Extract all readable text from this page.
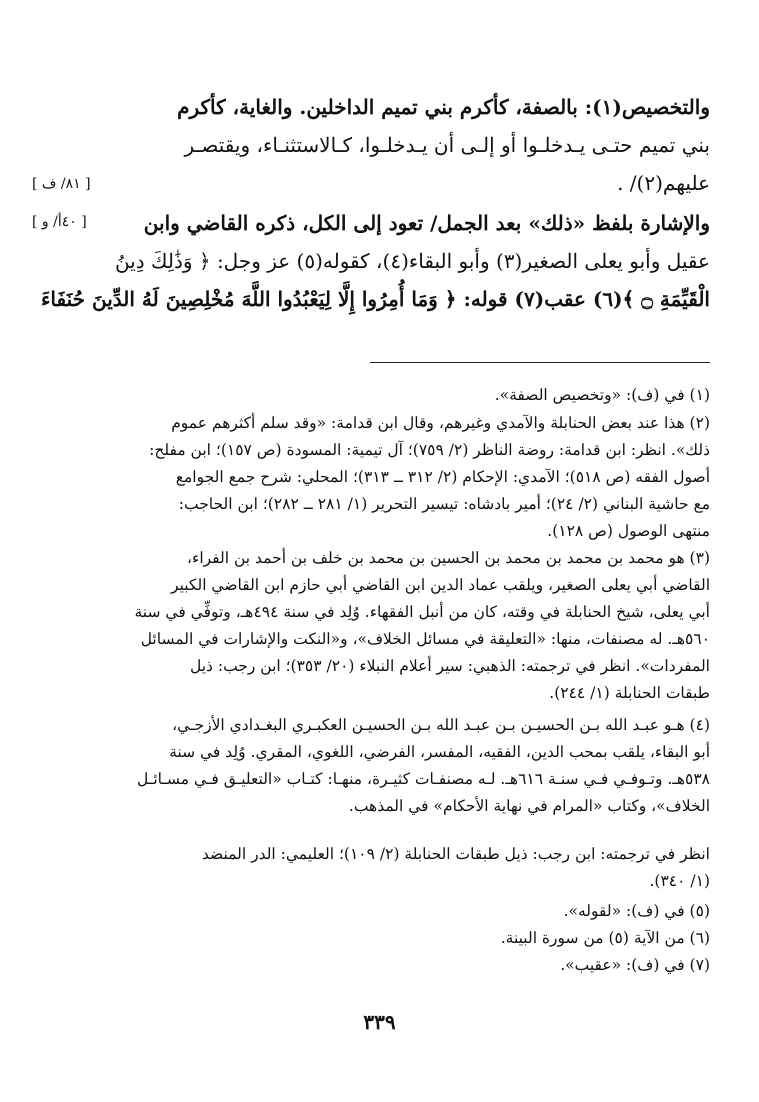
والتخصيص(١): بالصفة، كأكرم بني تميم الداخلين. والغاية، كأكرم
بني تميم حتـى يـدخلـوا أو إلـى أن يـدخلـوا، كـالاستثنـاء، ويقتصـر
عليهم(٢)/ .
والإشارة بلفظ «ذلك» بعد الجمل/ تعود إلى الكل، ذكره القاضي وابن
عقيل وأبو يعلى الصغير(٣) وأبو البقاء(٤)، كقوله(٥) عز وجل: ﴿ وَذَٰلِكَ دِينُ
الْقَيِّمَةِ ۝ ﴾(٦) عقب(٧) قوله: ﴿ وَمَا أُمِرُوا إِلَّا لِيَعْبُدُوا اللَّهَ مُخْلِصِينَ لَهُ الدِّينَ حُنَفَاءَ
[ ٨١/ ف ]
[ ٤٠أ/ و ]
(١) في (ف): «وتخصيص الصفة».
(٢) هذا عند بعض الحنابلة والآمدي وغيرهم، وقال ابن قدامة: «وقد سلم أكثرهم عموم
ذلك». انظر: ابن قدامة: روضة الناظر (٢/ ٧٥٩)؛ آل تيمية: المسودة (ص ١٥٧)؛ ابن مفلح:
أصول الفقه (ص ٥١٨)؛ الآمدي: الإحكام (٢/ ٣١٢ ــ ٣١٣)؛ المحلي: شرح جمع الجوامع
مع حاشية البناني (٢/ ٢٤)؛ أمير بادشاه: تيسير التحرير (١/ ٢٨١ ــ ٢٨٢)؛ ابن الحاجب:
منتهى الوصول (ص ١٢٨).
(٣) هو محمد بن محمد بن محمد بن الحسين بن محمد بن خلف بن أحمد بن الفراء،
القاضي أبي يعلى الصغير، ويلقب عماد الدين ابن القاضي أبي حازم ابن القاضي الكبير
أبي يعلى، شيخ الحنابلة في وقته، كان من أنبل الفقهاء. وُلِد في سنة ٤٩٤هـ، وتوفِّي في سنة
٥٦٠هـ. له مصنفات، منها: «التعليقة في مسائل الخلاف»، و«النكت والإشارات في المسائل
المفردات». انظر في ترجمته: الذهبي: سير أعلام النبلاء (٢٠/ ٣٥٣)؛ ابن رجب: ذيل
طبقات الحنابلة (١/ ٢٤٤).
(٤) هـو عبـد الله بـن الحسيـن بـن عبـد الله بـن الحسيـن العكبـري البغـدادي الأزجـي،
أبو البقاء، يلقب بمحب الدين، الفقيه، المفسر، الفرضي، اللغوي، المقري. وُلِد في سنة
٥٣٨هـ. وتـوفـي فـي سنـة ٦١٦هـ. لـه مصنفـات كثيـرة، منهـا: كتـاب «التعليـق فـي مسـائـل
الخلاف»، وكتاب «المرام في نهاية الأحكام» في المذهب.
انظر في ترجمته: ابن رجب: ذيل طبقات الحنابلة (٢/ ١٠٩)؛ العليمي: الدر المنضد
(١/ ٣٤٠).
(٥) في (ف): «لقوله».
(٦) من الآية (٥) من سورة البينة.
(٧) في (ف): «عقيب».
٣٣٩
